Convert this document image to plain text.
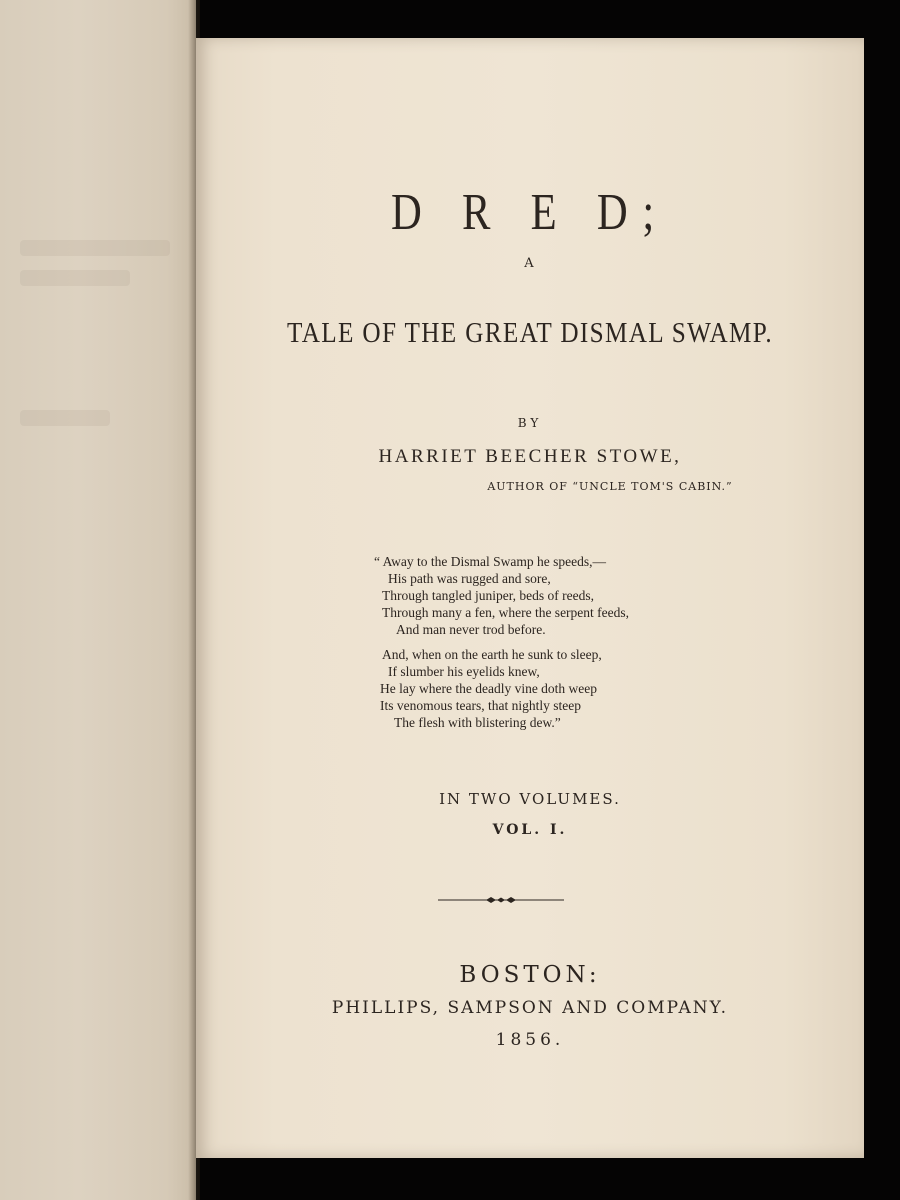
D R E D;
A
TALE OF THE GREAT DISMAL SWAMP.
BY
HARRIET BEECHER STOWE,
AUTHOR OF “UNCLE TOM'S CABIN.”
“ Away to the Dismal Swamp he speeds,—
His path was rugged and sore,
Through tangled juniper, beds of reeds,
Through many a fen, where the serpent feeds,
And man never trod before.
And, when on the earth he sunk to sleep,
If slumber his eyelids knew,
He lay where the deadly vine doth weep
Its venomous tears, that nightly steep
The flesh with blistering dew.”
IN TWO VOLUMES.
VOL. I.
BOSTON:
PHILLIPS, SAMPSON AND COMPANY.
1856.
